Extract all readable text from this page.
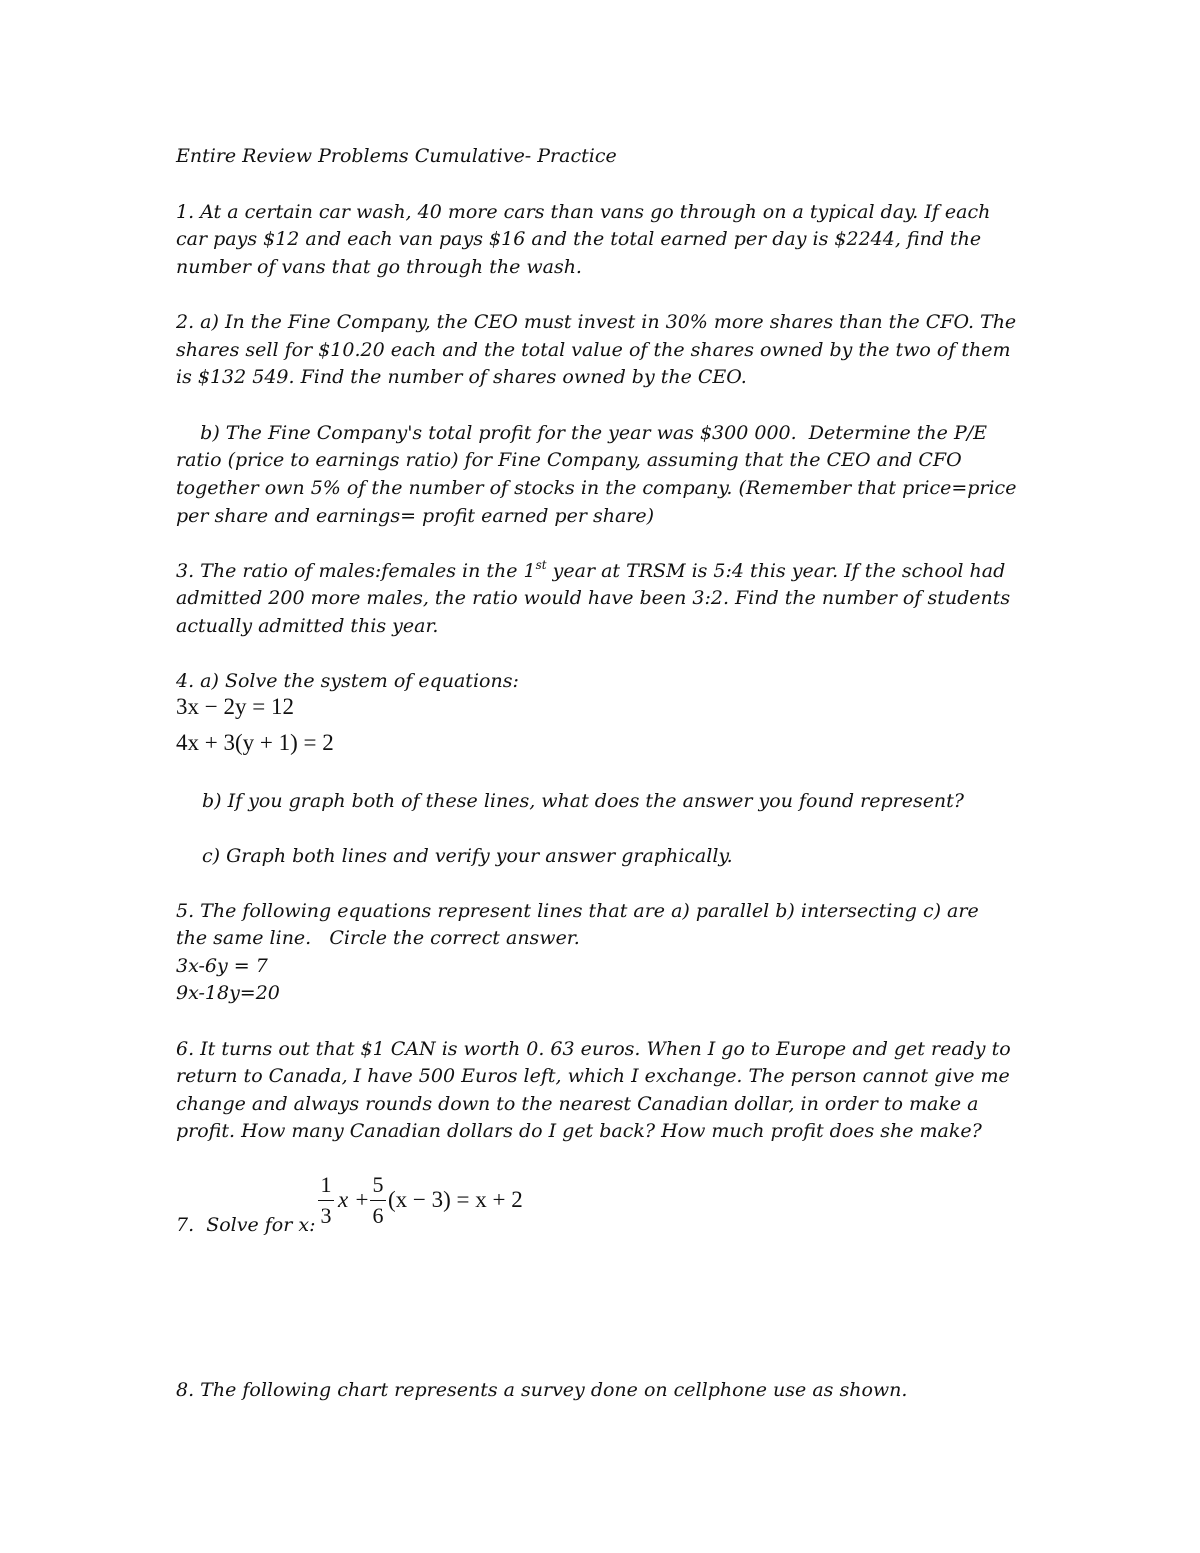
Entire Review Problems Cumulative- Practice

1. At a certain car wash, 40 more cars than vans go through on a typical day. If each

car pays $12 and each van pays $16 and the total earned per day is $2244, find the

number of vans that go through the wash.

2. a) In the Fine Company, the CEO must invest in 30% more shares than the CFO. The

shares sell for $10.20 each and the total value of the shares owned by the two of them

is $132 549. Find the number of shares owned by the CEO.

b) The Fine Company's total profit for the year was $300 000.  Determine the P/E

ratio (price to earnings ratio) for Fine Company, assuming that the CEO and CFO

together own 5% of the number of stocks in the company. (Remember that price=price

per share and earnings= profit earned per share)

3. The ratio of males:females in the 1st year at TRSM is 5:4 this year. If the school had

admitted 200 more males, the ratio would have been 3:2. Find the number of students

actually admitted this year.

4. a) Solve the system of equations:

3x − 2y = 12
4x + 3(y + 1) = 2

b) If you graph both of these lines, what does the answer you found represent?

c) Graph both lines and verify your answer graphically.

5. The following equations represent lines that are a) parallel b) intersecting c) are

the same line.   Circle the correct answer.

3x-6y = 7

9x-18y=20

6. It turns out that $1 CAN is worth 0. 63 euros. When I go to Europe and get ready to

return to Canada, I have 500 Euros left, which I exchange. The person cannot give me

change and always rounds down to the nearest Canadian dollar, in order to make a

profit. How many Canadian dollars do I get back? How much profit does she make?

7.  Solve for x:

1
3
x +
5
6
(x − 3) = x + 2

8. The following chart represents a survey done on cellphone use as shown.
